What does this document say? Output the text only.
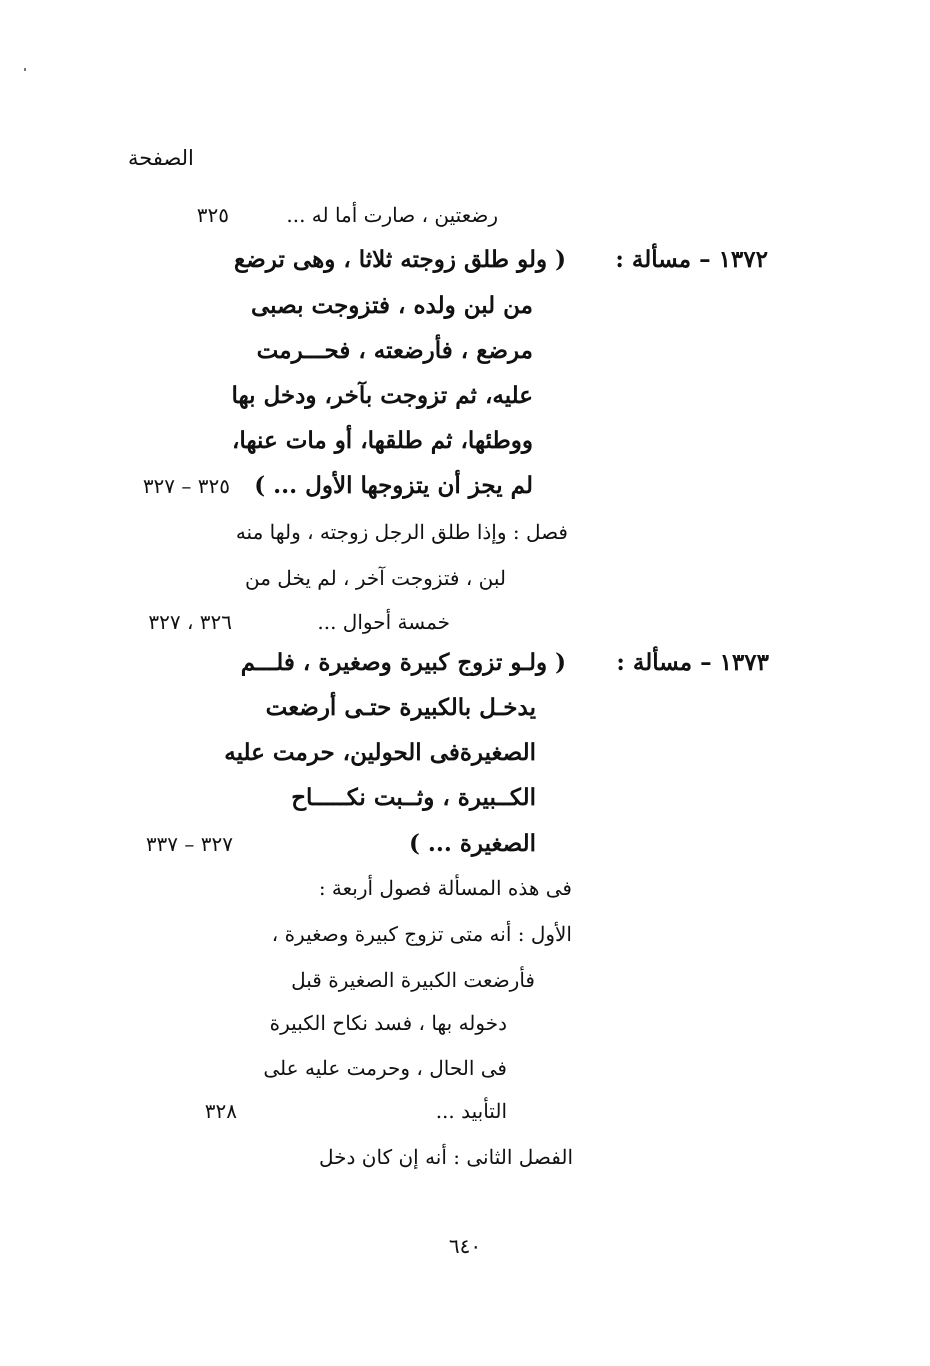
الصفحة
رضعتين ، صارت أما له ...
٣٢٥
١٣٧٢ – مسألة :
( ولو طلق زوجته ثلاثا ، وهى ترضع
من لبن ولده ، فتزوجت بصبى
مرضع ، فأرضعته ، فحـــرمت
عليه، ثم تزوجت بآخر، ودخل بها
ووطئها، ثم طلقها، أو مات عنها،
لم يجز أن يتزوجها الأول ... )
٣٢٥ – ٣٢٧
فصل : وإذا طلق الرجل زوجته ، ولها منه
لبن ، فتزوجت آخر ، لم يخل من
خمسة أحوال ...
٣٢٦ ، ٣٢٧
١٣٧٣ – مسألة :
( ولـو تزوج كبيرة وصغيرة ، فلـــم
يدخـل بالكبيرة حتـى أرضعت
الصغيرةفى الحولين، حرمت عليه
الكــبيرة ، وثــبت نكـــــاح
الصغيرة ... )
٣٢٧ – ٣٣٧
فى هذه المسألة فصول أربعة :
الأول : أنه متى تزوج كبيرة وصغيرة ،
فأرضعت الكبيرة الصغيرة قبل
دخوله بها ، فسد نكاح الكبيرة
فى الحال ، وحرمت عليه على
التأبيد ...
٣٢٨
الفصل الثانى : أنه إن كان دخل
٦٤٠
